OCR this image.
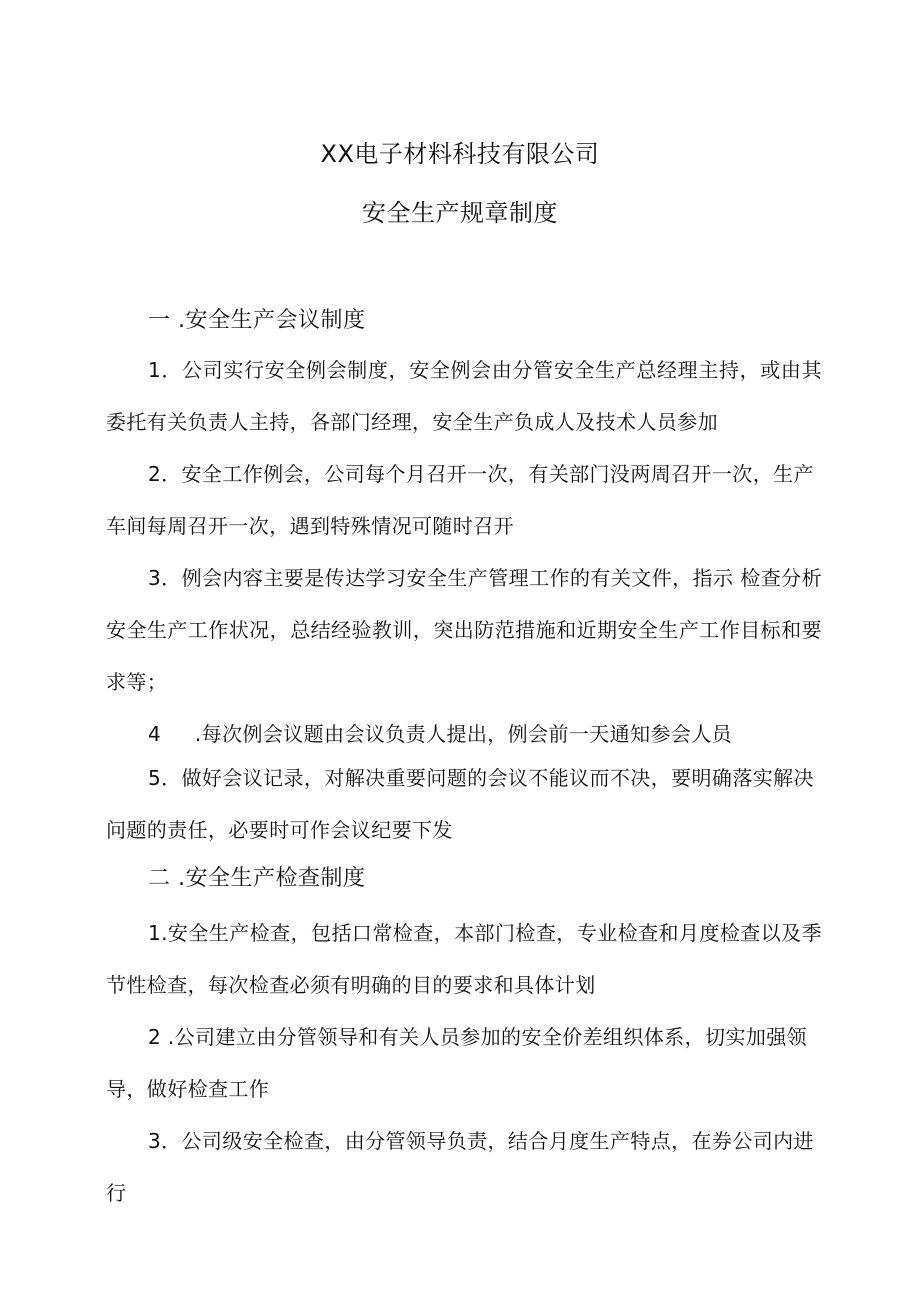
XX电子材料科技有限公司
安全生产规章制度
一 .安全生产会议制度

1．公司实行安全例会制度，安全例会由分管安全生产总经理主持，或由其委托有关负责人主持，各部门经理，安全生产负成人及技术人员参加

2．安全工作例会，公司每个月召开一次，有关部门没两周召开一次，生产车间每周召开一次，遇到特殊情况可随时召开

3．例会内容主要是传达学习安全生产管理工作的有关文件，指示 检查分析安全生产工作状况，总结经验教训，突出防范措施和近期安全生产工作目标和要求等；

4     .每次例会议题由会议负责人提出，例会前一天通知参会人员

5．做好会议记录，对解决重要问题的会议不能议而不决，要明确落实解决问题的责任，必要时可作会议纪要下发

二 .安全生产检查制度

1.安全生产检查，包括口常检查，本部门检查，专业检查和月度检查以及季节性检查，每次检查必须有明确的目的要求和具体计划

2 .公司建立由分管领导和有关人员参加的安全价差组织体系，切实加强领导，做好检查工作

3．公司级安全检查，由分管领导负责，结合月度生产特点，在券公司内进行
